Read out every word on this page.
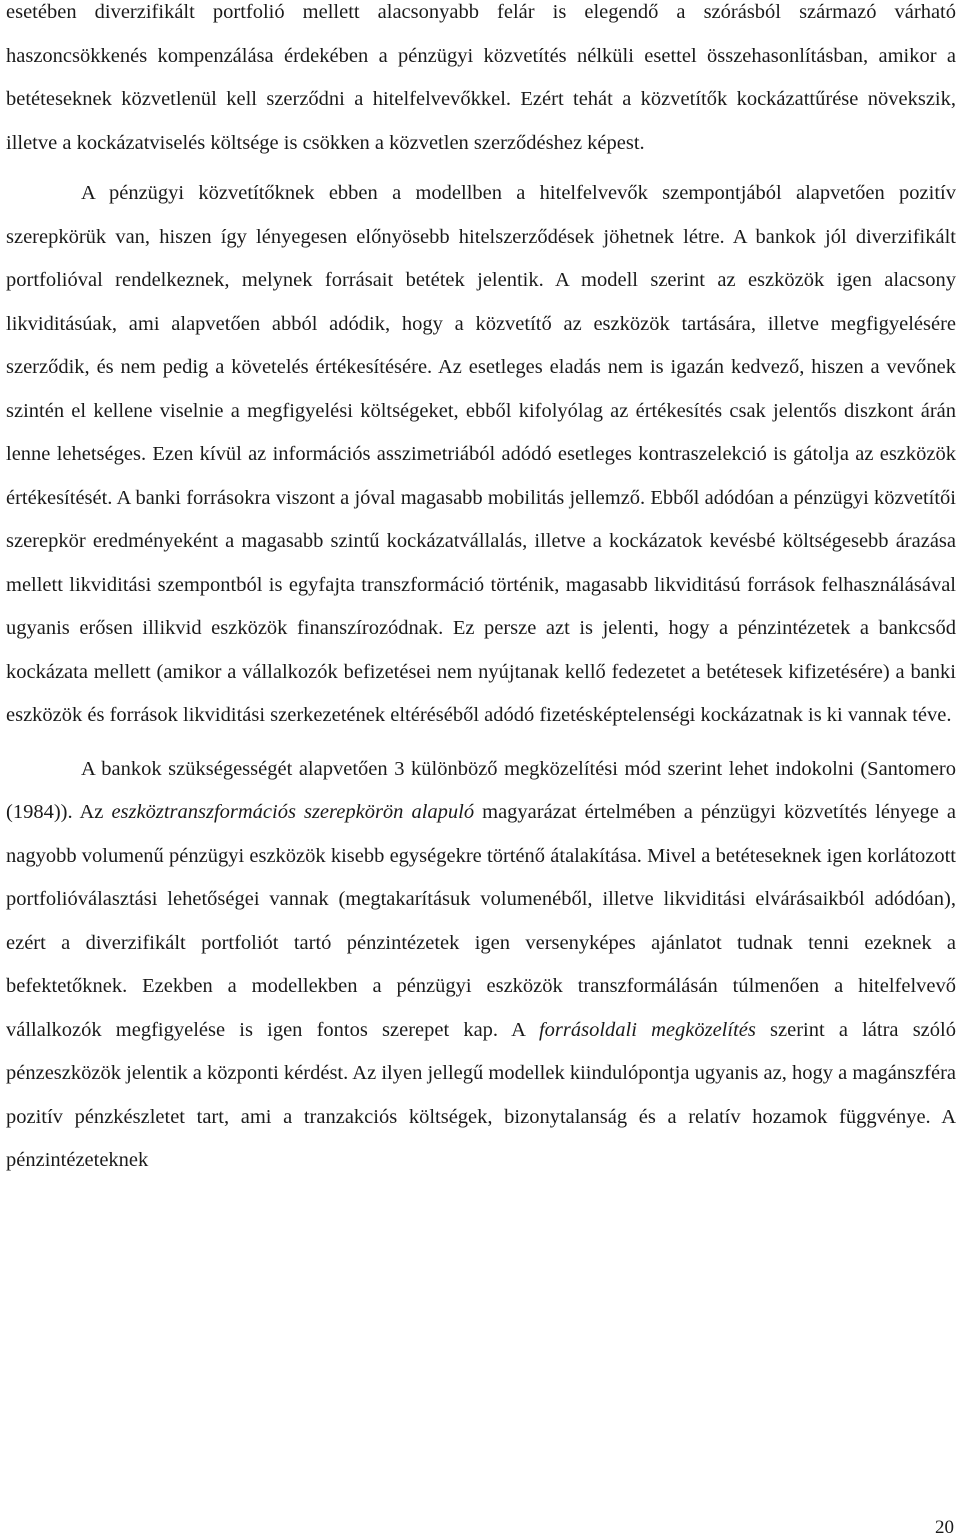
esetében diverzifikált portfolió mellett alacsonyabb felár is elegendő a szórásból származó várható haszoncsökkenés kompenzálása érdekében a pénzügyi közvetítés nélküli esettel összehasonlításban, amikor a betéteseknek közvetlenül kell szerződni a hitelfelvevőkkel. Ezért tehát a közvetítők kockázattűrése növekszik, illetve a kockázatviselés költsége is csökken a közvetlen szerződéshez képest.

A pénzügyi közvetítőknek ebben a modellben a hitelfelvevők szempontjából alapvetően pozitív szerepkörük van, hiszen így lényegesen előnyösebb hitelszerződések jöhetnek létre. A bankok jól diverzifikált portfolióval rendelkeznek, melynek forrásait betétek jelentik. A modell szerint az eszközök igen alacsony likviditásúak, ami alapvetően abból adódik, hogy a közvetítő az eszközök tartására, illetve megfigyelésére szerződik, és nem pedig a követelés értékesítésére. Az esetleges eladás nem is igazán kedvező, hiszen a vevőnek szintén el kellene viselnie a megfigyelési költségeket, ebből kifolyólag az értékesítés csak jelentős diszkont árán lenne lehetséges. Ezen kívül az információs asszimetriából adódó esetleges kontraszelekció is gátolja az eszközök értékesítését. A banki forrásokra viszont a jóval magasabb mobilitás jellemző. Ebből adódóan a pénzügyi közvetítői szerepkör eredményeként a magasabb szintű kockázatvállalás, illetve a kockázatok kevésbé költségesebb árazása mellett likviditási szempontból is egyfajta transzformáció történik, magasabb likviditású források felhasználásával ugyanis erősen illikvid eszközök finanszírozódnak. Ez persze azt is jelenti, hogy a pénzintézetek a bankcsőd kockázata mellett (amikor a vállalkozók befizetései nem nyújtanak kellő fedezetet a betétesek kifizetésére) a banki eszközök és források likviditási szerkezetének eltéréséből adódó fizetésképtelenségi kockázatnak is ki vannak téve.

A bankok szükségességét alapvetően 3 különböző megközelítési mód szerint lehet indokolni (Santomero (1984)). Az eszköztranszformációs szerepkörön alapuló magyarázat értelmében a pénzügyi közvetítés lényege a nagyobb volumenű pénzügyi eszközök kisebb egységekre történő átalakítása. Mivel a betéteseknek igen korlátozott portfolióválasztási lehetőségei vannak (megtakarításuk volumenéből, illetve likviditási elvárásaikból adódóan), ezért a diverzifikált portfoliót tartó pénzintézetek igen versenyképes ajánlatot tudnak tenni ezeknek a befektetőknek. Ezekben a modellekben a pénzügyi eszközök transzformálásán túlmenően a hitelfelvevő vállalkozók megfigyelése is igen fontos szerepet kap. A forrásoldali megközelítés szerint a látra szóló pénzeszközök jelentik a központi kérdést. Az ilyen jellegű modellek kiindulópontja ugyanis az, hogy a magánszféra pozitív pénzkészletet tart, ami a tranzakciós költségek, bizonytalanság és a relatív hozamok függvénye. A pénzintézeteknek

20
